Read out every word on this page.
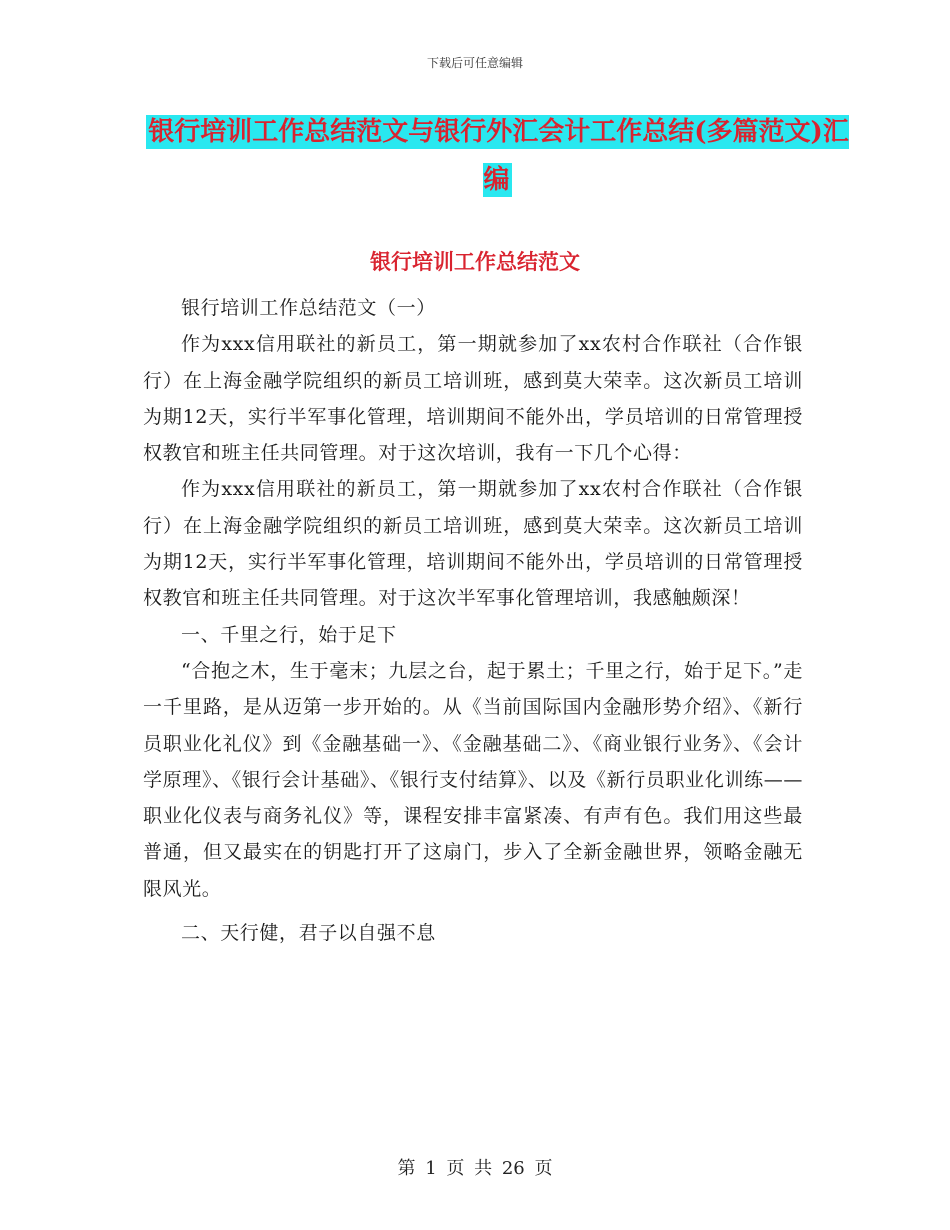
下载后可任意编辑
银行培训工作总结范文与银行外汇会计工作总结(多篇范文)汇编
银行培训工作总结范文

银行培训工作总结范文（一）

作为xxx信用联社的新员工，第一期就参加了xx农村合作联社（合作银行）在上海金融学院组织的新员工培训班，感到莫大荣幸。这次新员工培训为期12天，实行半军事化管理，培训期间不能外出，学员培训的日常管理授权教官和班主任共同管理。对于这次培训，我有一下几个心得：

作为xxx信用联社的新员工，第一期就参加了xx农村合作联社（合作银行）在上海金融学院组织的新员工培训班，感到莫大荣幸。这次新员工培训为期12天，实行半军事化管理，培训期间不能外出，学员培训的日常管理授权教官和班主任共同管理。对于这次半军事化管理培训，我感触颇深！

一、千里之行，始于足下

“合抱之木，生于毫末；九层之台，起于累土；千里之行，始于足下。”走一千里路，是从迈第一步开始的。从《当前国际国内金融形势介绍》、《新行员职业化礼仪》到《金融基础一》、《金融基础二》、《商业银行业务》、《会计学原理》、《银行会计基础》、《银行支付结算》、以及《新行员职业化训练——职业化仪表与商务礼仪》等，课程安排丰富紧凑、有声有色。我们用这些最普通，但又最实在的钥匙打开了这扇门，步入了全新金融世界，领略金融无限风光。

二、天行健，君子以自强不息

第 1 页 共 26 页
